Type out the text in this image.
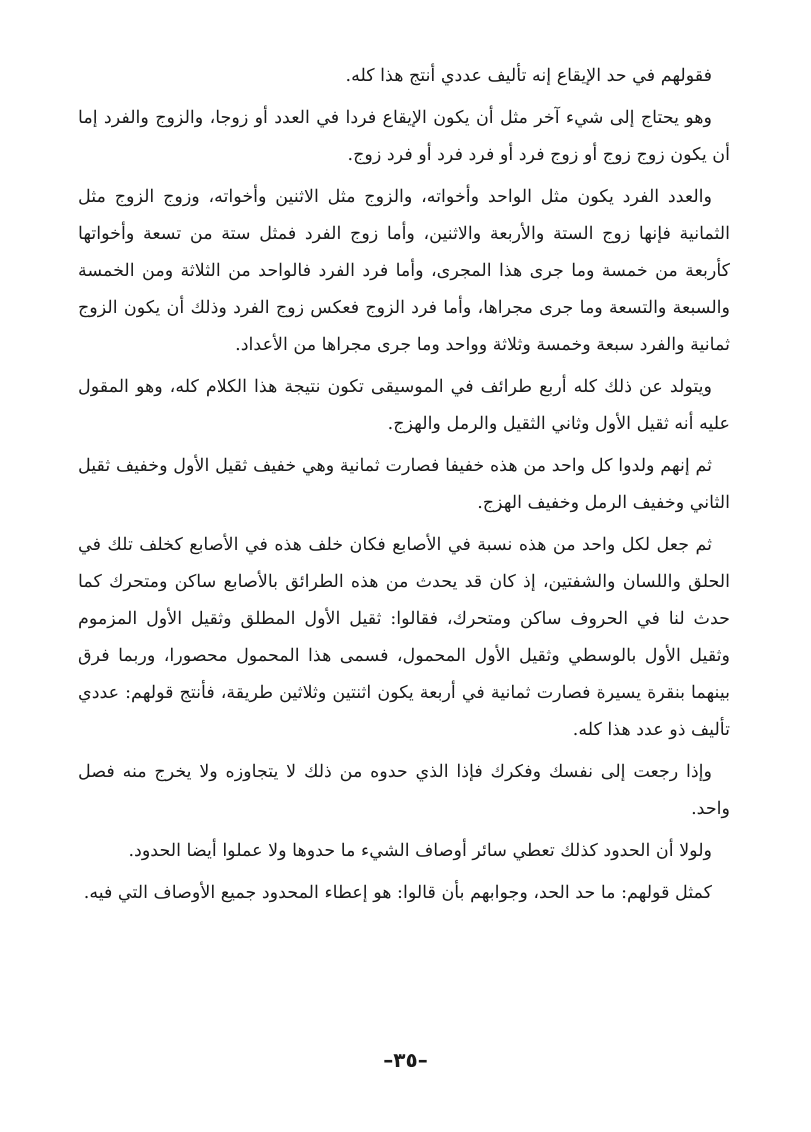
فقولهم في حد الإيقاع إنه تأليف عددي أنتج هذا كله.

وهو يحتاج إلى شيء آخر مثل أن يكون الإيقاع فردا في العدد أو زوجا، والزوج والفرد إما أن يكون زوج زوج أو زوج فرد أو فرد فرد أو فرد زوج.

والعدد الفرد يكون مثل الواحد وأخواته، والزوج مثل الاثنين وأخواته، وزوج الزوج مثل الثمانية فإنها زوج الستة والأربعة والاثنين، وأما زوج الفرد فمثل ستة من تسعة وأخواتها كأربعة من خمسة وما جرى هذا المجرى، وأما فرد الفرد فالواحد من الثلاثة ومن الخمسة والسبعة والتسعة وما جرى مجراها، وأما فرد الزوج فعكس زوج الفرد وذلك أن يكون الزوج ثمانية والفرد سبعة وخمسة وثلاثة وواحد وما جرى مجراها من الأعداد.

ويتولد عن ذلك كله أربع طرائف في الموسيقى تكون نتيجة هذا الكلام كله، وهو المقول عليه أنه ثقيل الأول وثاني الثقيل والرمل والهزج.

ثم إنهم ولدوا كل واحد من هذه خفيفا فصارت ثمانية وهي خفيف ثقيل الأول وخفيف ثقيل الثاني وخفيف الرمل وخفيف الهزج.

ثم جعل لكل واحد من هذه نسبة في الأصابع فكان خلف هذه في الأصابع كخلف تلك في الحلق واللسان والشفتين، إذ كان قد يحدث من هذه الطرائق بالأصابع ساكن ومتحرك كما حدث لنا في الحروف ساكن ومتحرك، فقالوا: ثقيل الأول المطلق وثقيل الأول المزموم وثقيل الأول بالوسطي وثقيل الأول المحمول، فسمى هذا المحمول محصورا، وربما فرق بينهما بنقرة يسيرة فصارت ثمانية في أربعة يكون اثنتين وثلاثين طريقة، فأنتج قولهم: عددي تأليف ذو عدد هذا كله.

وإذا رجعت إلى نفسك وفكرك فإذا الذي حدوه من ذلك لا يتجاوزه ولا يخرج منه فصل واحد.

ولولا أن الحدود كذلك تعطي سائر أوصاف الشيء ما حدوها ولا عملوا أيضا الحدود.

كمثل قولهم: ما حد الحد، وجوابهم بأن قالوا: هو إعطاء المحدود جميع الأوصاف التي فيه.

–٣٥–
